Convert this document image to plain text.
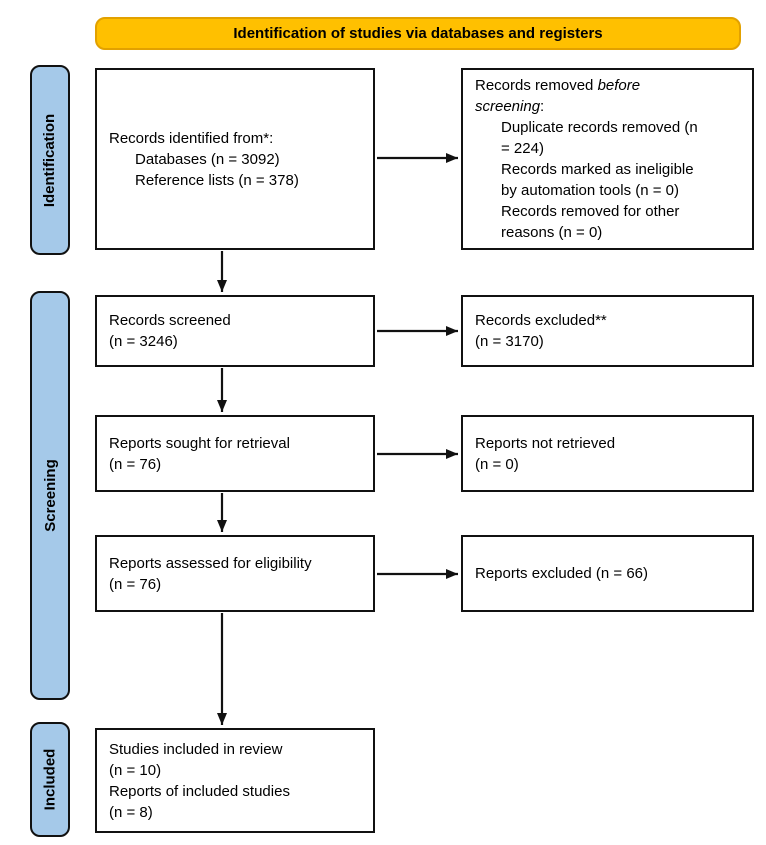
Identification of studies via databases and registers
Identification
Screening
Included
Records identified from*:
Databases (n = 3092)
Reference lists (n = 378)
Records removed before screening:
Duplicate records removed (n = 224)
Records marked as ineligible by automation tools (n = 0)
Records removed for other reasons (n = 0)
Records screened
(n = 3246)
Records excluded**
(n = 3170)
Reports sought for retrieval
(n = 76)
Reports not retrieved
(n = 0)
Reports assessed for eligibility
(n = 76)
Reports excluded (n = 66)
Studies included in review
(n = 10)
Reports of included studies
(n = 8)
